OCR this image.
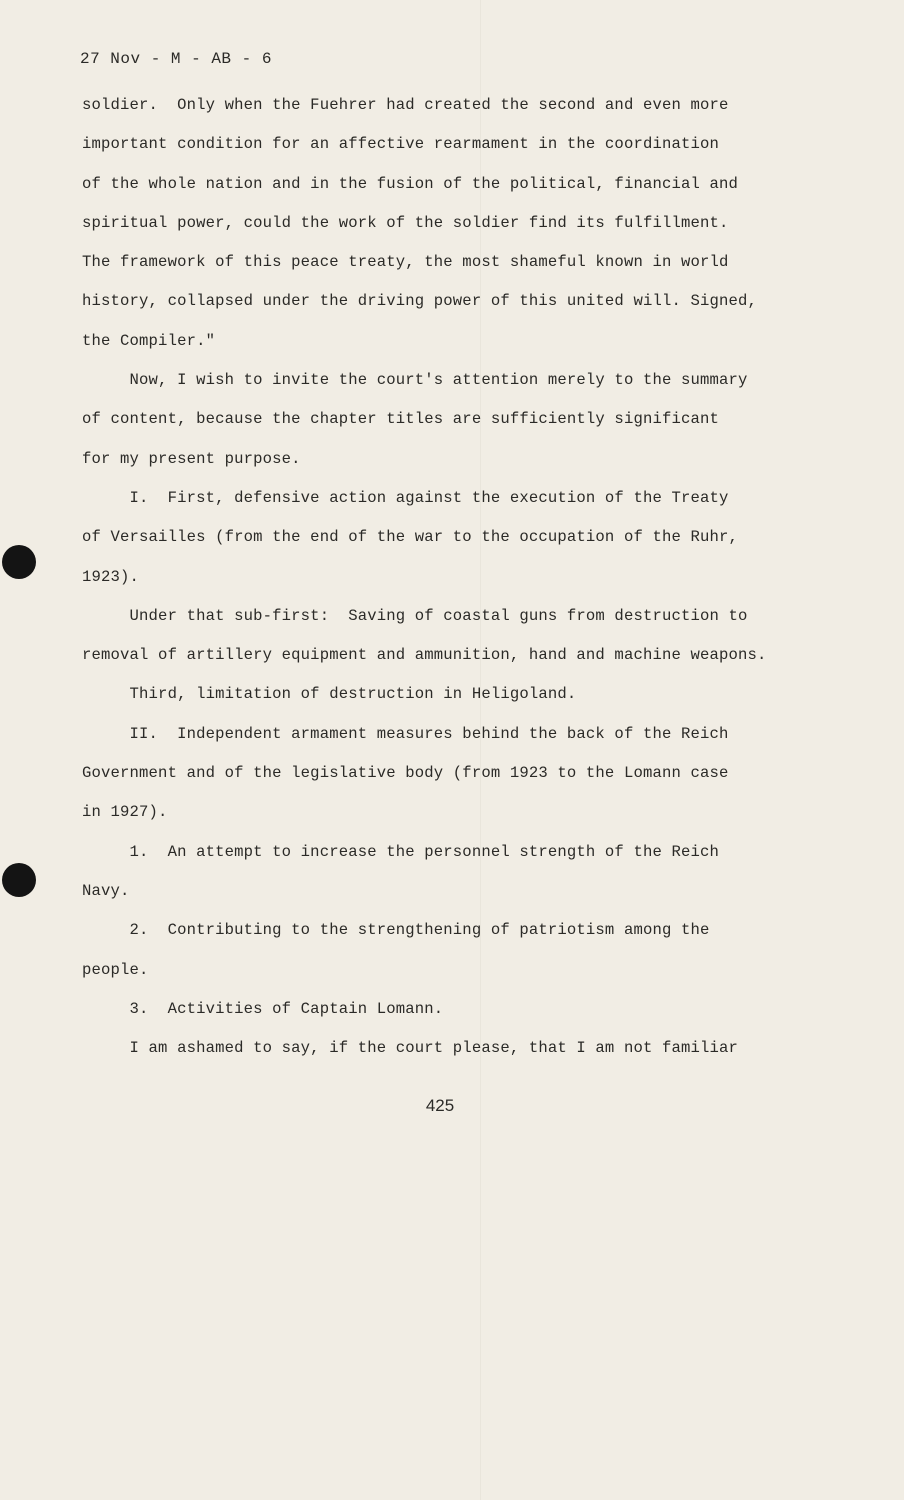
27 Nov - M - AB - 6
soldier.  Only when the Fuehrer had created the second and even more
important condition for an affective rearmament in the coordination
of the whole nation and in the fusion of the political, financial and
spiritual power, could the work of the soldier find its fulfillment.
The framework of this peace treaty, the most shameful known in world
history, collapsed under the driving power of this united will. Signed,
the Compiler."
Now, I wish to invite the court's attention merely to the summary
of content, because the chapter titles are sufficiently significant
for my present purpose.
I.  First, defensive action against the execution of the Treaty
of Versailles (from the end of the war to the occupation of the Ruhr,
1923).
Under that sub-first:  Saving of coastal guns from destruction to
removal of artillery equipment and ammunition, hand and machine weapons.
Third, limitation of destruction in Heligoland.
II.  Independent armament measures behind the back of the Reich
Government and of the legislative body (from 1923 to the Lomann case
in 1927).
1.  An attempt to increase the personnel strength of the Reich
Navy.
2.  Contributing to the strengthening of patriotism among the
people.
3.  Activities of Captain Lomann.
I am ashamed to say, if the court please, that I am not familiar
425
